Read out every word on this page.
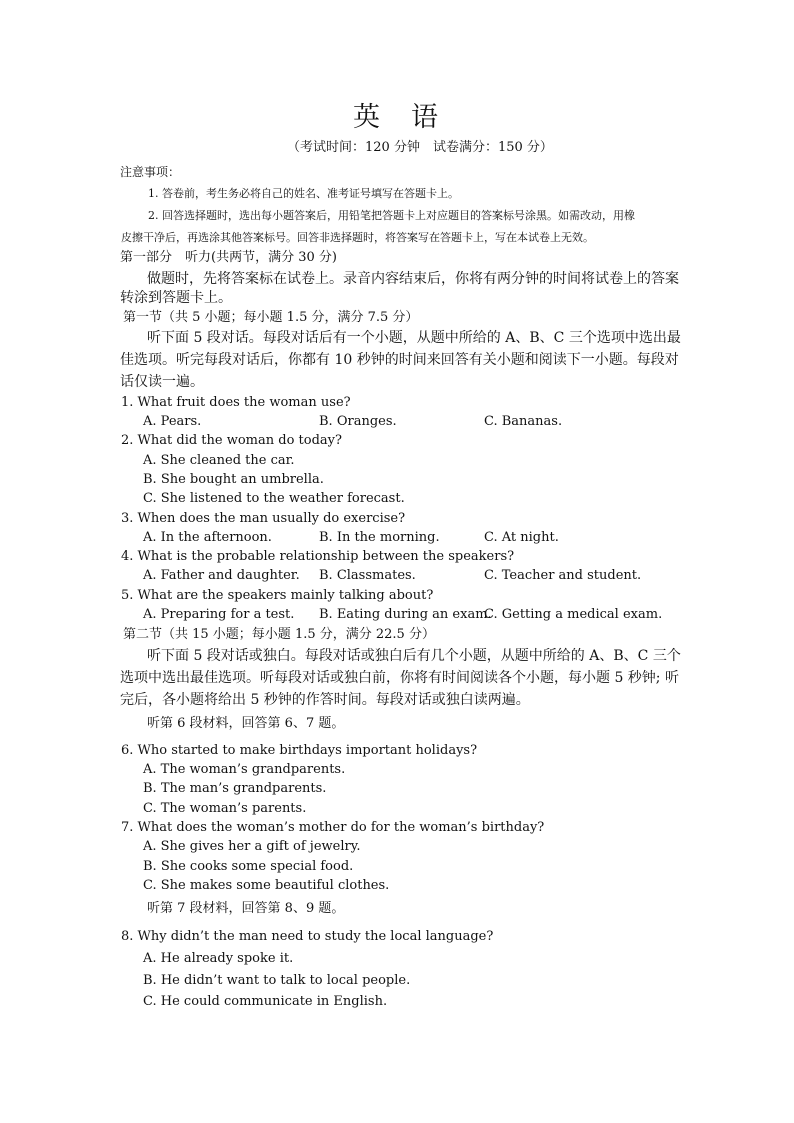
英　语
（考试时间：120 分钟　试卷满分：150 分）
注意事项：
1. 答卷前，考生务必将自己的姓名、准考证号填写在答题卡上。
2. 回答选择题时，选出每小题答案后，用铅笔把答题卡上对应题目的答案标号涂黑。如需改动，用橡
皮擦干净后，再选涂其他答案标号。回答非选择题时，将答案写在答题卡上，写在本试卷上无效。
第一部分　听力(共两节，满分 30 分)
做题时，先将答案标在试卷上。录音内容结束后，你将有两分钟的时间将试卷上的答案
转涂到答题卡上。
第一节（共 5 小题；每小题 1.5 分，满分 7.5 分）
听下面 5 段对话。每段对话后有一个小题，从题中所给的 A、B、C 三个选项中选出最
佳选项。听完每段对话后，你都有 10 秒钟的时间来回答有关小题和阅读下一小题。每段对
话仅读一遍。
1. What fruit does the woman use?
A. Pears.	B. Oranges.	C. Bananas.
2. What did the woman do today?
A. She cleaned the car.
B. She bought an umbrella.
C. She listened to the weather forecast.
3. When does the man usually do exercise?
A. In the afternoon.	B. In the morning.	C. At night.
4. What is the probable relationship between the speakers?
A. Father and daughter. B. Classmates.	C. Teacher and student.
5. What are the speakers mainly talking about?
A. Preparing for a test. B. Eating during an exam.
C. Getting a medical exam.
第二节（共 15 小题；每小题 1.5 分，满分 22.5 分）
听下面 5 段对话或独白。每段对话或独白后有几个小题，从题中所给的 A、B、C 三个
选项中选出最佳选项。听每段对话或独白前，你将有时间阅读各个小题，每小题 5 秒钟; 听
完后，各小题将给出 5 秒钟的作答时间。每段对话或独白读两遍。
听第 6 段材料，回答第 6、7 题。
6. Who started to make birthdays important holidays?
A. The woman’s grandparents.
B. The man’s grandparents.
C. The woman’s parents.
7. What does the woman’s mother do for the woman’s birthday?
A. She gives her a gift of jewelry.
B. She cooks some special food.
C. She makes some beautiful clothes.
听第 7 段材料，回答第 8、9 题。
8. Why didn’t the man need to study the local language?
A. He already spoke it.
B. He didn’t want to talk to local people.
C. He could communicate in English.
